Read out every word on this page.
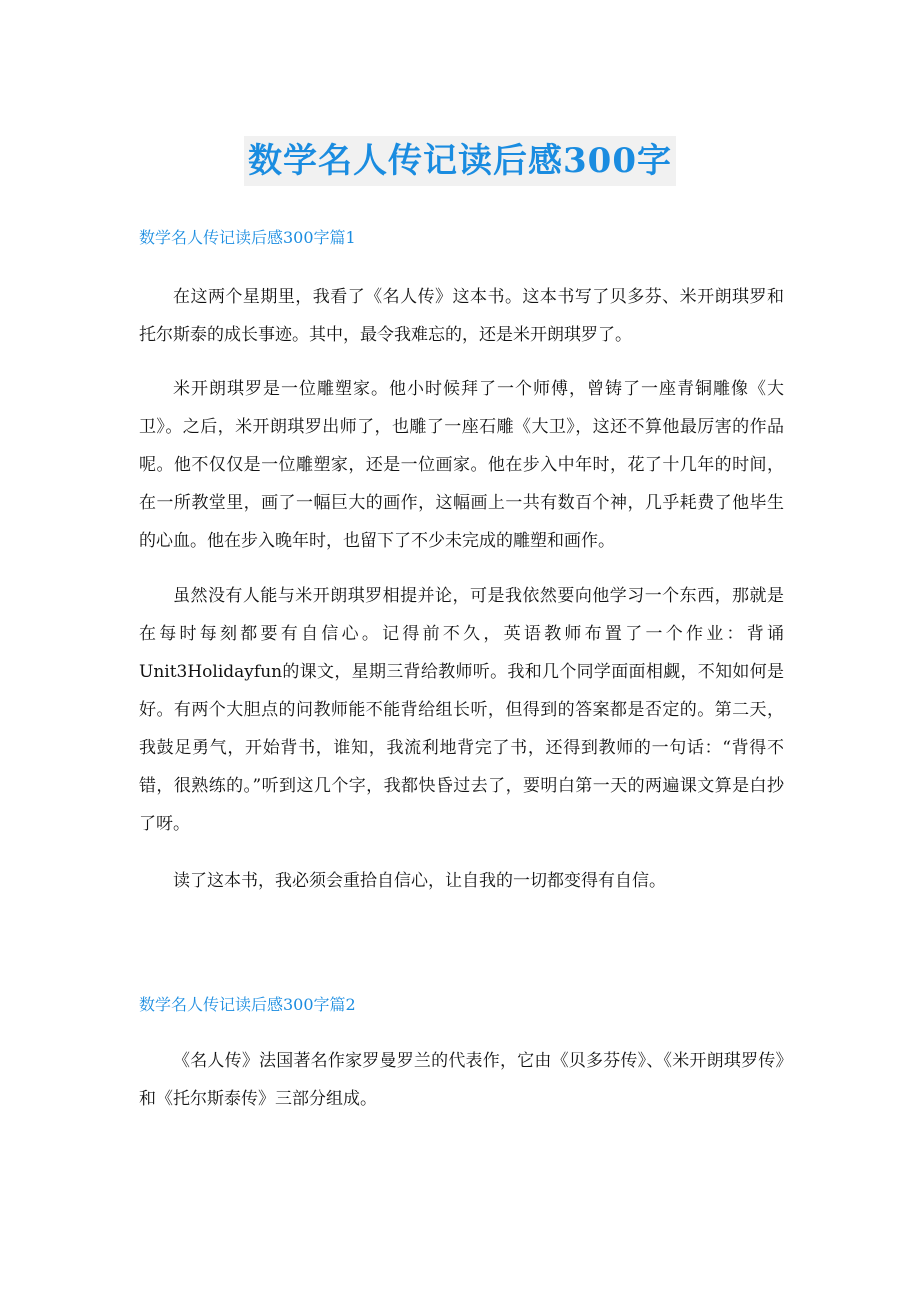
数学名人传记读后感300字
数学名人传记读后感300字篇1

在这两个星期里，我看了《名人传》这本书。这本书写了贝多芬、米开朗琪罗和托尔斯泰的成长事迹。其中，最令我难忘的，还是米开朗琪罗了。

米开朗琪罗是一位雕塑家。他小时候拜了一个师傅，曾铸了一座青铜雕像《大卫》。之后，米开朗琪罗出师了，也雕了一座石雕《大卫》，这还不算他最厉害的作品呢。他不仅仅是一位雕塑家，还是一位画家。他在步入中年时，花了十几年的时间，在一所教堂里，画了一幅巨大的画作，这幅画上一共有数百个神，几乎耗费了他毕生的心血。他在步入晚年时，也留下了不少未完成的雕塑和画作。

虽然没有人能与米开朗琪罗相提并论，可是我依然要向他学习一个东西，那就是在每时每刻都要有自信心。记得前不久，英语教师布置了一个作业：背诵Unit3Holidayfun的课文，星期三背给教师听。我和几个同学面面相觑，不知如何是好。有两个大胆点的问教师能不能背给组长听，但得到的答案都是否定的。第二天，我鼓足勇气，开始背书，谁知，我流利地背完了书，还得到教师的一句话：“背得不错，很熟练的。”听到这几个字，我都快昏过去了，要明白第一天的两遍课文算是白抄了呀。

读了这本书，我必须会重拾自信心，让自我的一切都变得有自信。

数学名人传记读后感300字篇2

《名人传》法国著名作家罗曼罗兰的代表作，它由《贝多芬传》、《米开朗琪罗传》和《托尔斯泰传》三部分组成。
